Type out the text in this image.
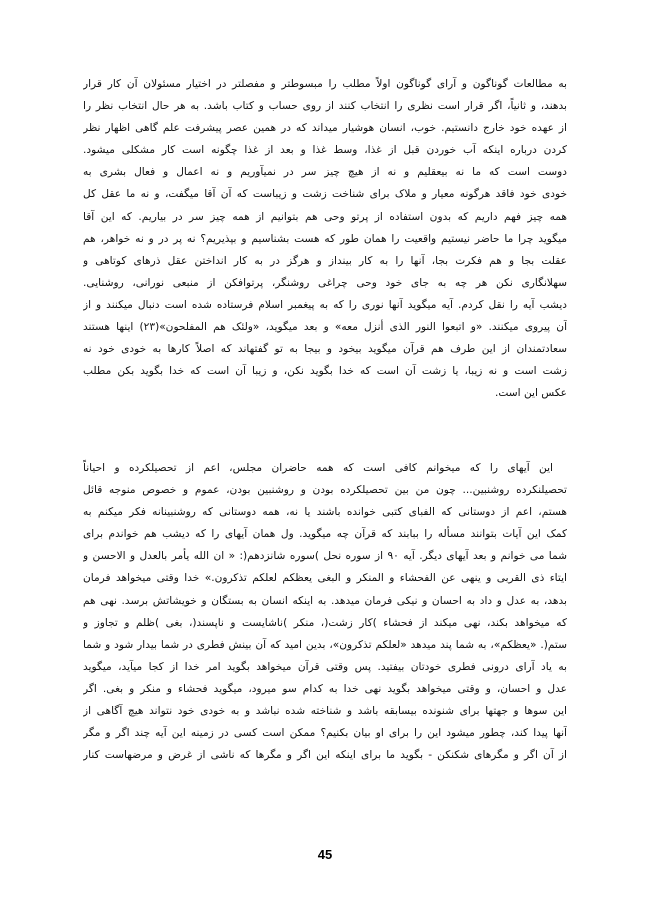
به مطالعات گوناگون و آرای گوناگون اولاً مطلب را مبسوطتر و مفصلتر در اختیار مسئولان آن کار قرار
بدهند، و ثانیاً، اگر قرار است نظری را انتخاب کنند از روی حساب و کتاب باشد. به هر حال انتخاب نظر را
از عهده خود خارج دانستیم. خوب، انسان هوشیار میداند که در همین عصر پیشرفت علم گاهی اظهار نظر
کردن درباره اینکه آب خوردن قبل از غذا، وسط غذا و بعد از غذا چگونه است کار مشکلی میشود.
دوست است که ما نه بیعقلیم و نه از هیچ چیز سر در نمیآوریم و نه اعمال و فعال بشری به
خودی خود فاقد هرگونه معیار و ملاک برای شناخت زشت و زیباست که آن آقا میگفت، و نه ما عقل کل
همه چیز فهم داریم که بدون استفاده از پرتو وحی هم بتوانیم از همه چیز سر در بیاریم. که این آقا
میگوید چرا ما حاضر نیستیم واقعیت را همان طور که هست بشناسیم و بپذیریم؟ نه پر در و نه خواهر، هم
عقلت بجا و هم فکرت بجا، آنها را به کار بینداز و هرگز در به کار انداختن عقل ذرهای کوتاهی و
سهلانگاری نکن هر چه به جای خود وحی چراغی روشنگر، پرتوافکن از منبعی نورانی، روشنایی.
دیشب آیه را نقل کردم. آیه میگوید آنها نوری را که به پیغمبر اسلام فرستاده شده است دنبال میکنند و از
آن پیروی میکنند. «و اتبعوا النور الذی أنزل معه» و بعد میگوید، «ولئک هم المفلحون»(۲۳) اینها هستند
سعادتمندان از این طرف هم قرآن میگوید بیخود و بیجا به تو گفتهاند که اصلاً کارها به خودی خود نه
زشت است و نه زیبا، یا زشت آن است که خدا بگوید نکن، و زیبا آن است که خدا بگوید بکن مطلب
عکس این است.
این آیهای را که میخوانم کافی است که همه حاضران مجلس، اعم از تحصیلکرده و احیاناً
تحصیلنکرده روشنبین... چون من بین تحصیلکرده بودن و روشنبین بودن، عموم و خصوص منوجه قائل
هستم، اعم از دوستانی که الفبای کتبی خوانده باشند یا نه، همه دوستانی که روشنبینانه فکر میکنم به
کمک این آیات بتوانند مسأله را ببابند که قرآن چه میگوید. ول همان آیهای را که دیشب هم خواندم برای
شما می خوانم و بعد آیهای دیگر. آیه ۹۰ از سوره نحل )سوره شانزدهم(: « ان الله یأمر بالعدل و الاحسن و
ایتاء ذی القربی و ینهی عن الفحشاء و المنکر و البغی یعظکم لعلکم تذکرون.» خدا وقتی میخواهد فرمان
بدهد، به عدل و داد به احسان و نیکی فرمان میدهد. به اینکه انسان به بستگان و خویشاتش برسد. نهی هم
که میخواهد بکند، نهی میکند از فحشاء )کار زشت(، منکر )ناشایست و ناپسند(، بغی )ظلم و تجاوز و
ستم(. «یعظکم»، به شما پند میدهد «لعلکم تذکرون»، بدین امید که آن بینش فطری در شما بیدار شود و شما
به یاد آرای درونی فطری خودتان بیفتید. پس وقتی قرآن میخواهد بگوید امر خدا از کجا میآید، میگوید
عدل و احسان، و وقتی میخواهد بگوید نهی خدا به کدام سو میرود، میگوید فحشاء و منکر و بغی. اگر
این سوها و جهتها برای شنونده بیسابقه باشد و شناخته شده نباشد و به خودی خود نتواند هیچ آگاهی از
آنها پیدا کند، چطور میشود این را برای او بیان بکنیم؟ ممکن است کسی در زمینه این آیه چند اگر و مگر
از آن اگر و مگرهای شکنکن - بگوید ما برای اینکه این اگر و مگرها که ناشی از غرض و مرضهاست کنار
45
